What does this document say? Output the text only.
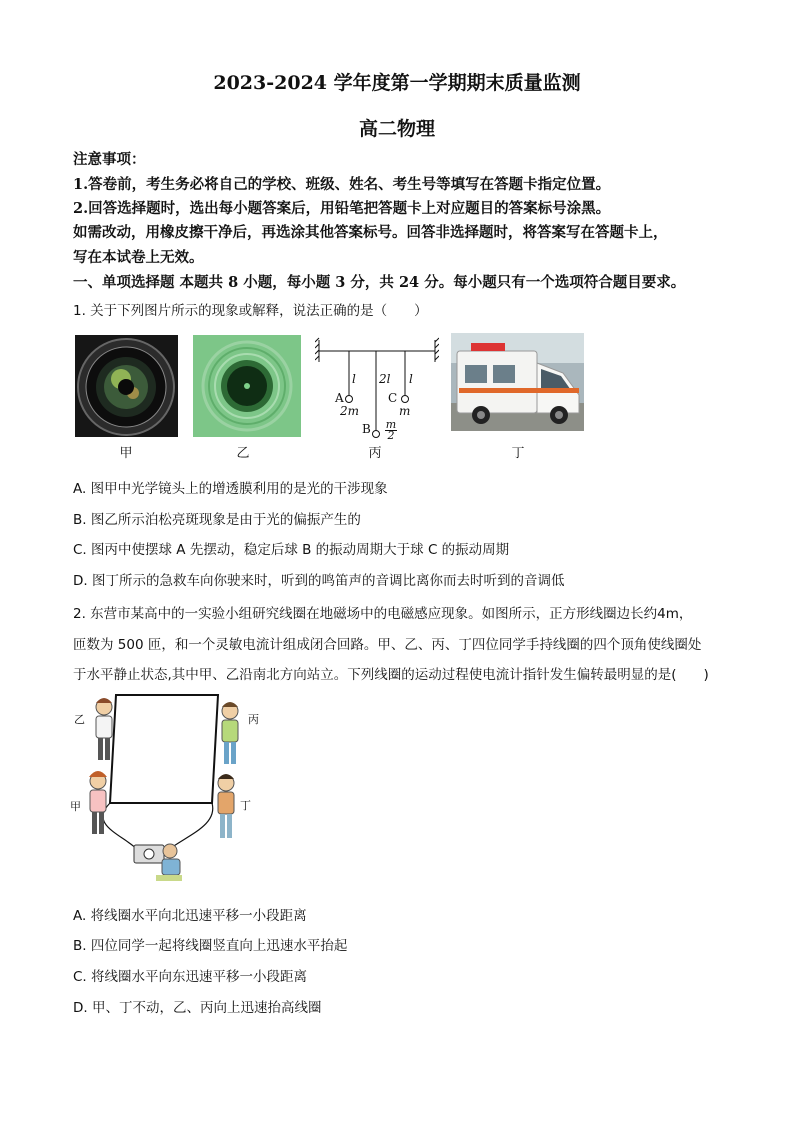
2023-2024 学年度第一学期期末质量监测
高二物理
注意事项：
1.答卷前，考生务必将自己的学校、班级、姓名、考生号等填写在答题卡指定位置。
2.回答选择题时，选出每小题答案后，用铅笔把答题卡上对应题目的答案标号涂黑。
如需改动，用橡皮擦干净后，再选涂其他答案标号。回答非选择题时，将答案写在答题卡上，
写在本试卷上无效。
一、单项选择题 本题共 8 小题，每小题 3 分，共 24 分。每小题只有一个选项符合题目要求。
1. 关于下列图片所示的现象或解释，说法正确的是（　　）
A
B
C
l 2l l
2m	m
$\frac{m}{2}$
甲	乙	丙	丁
A. 图甲中光学镜头上的增透膜利用的是光的干涉现象
B. 图乙所示泊松亮斑现象是由于光的偏振产生的
C. 图丙中使摆球 A 先摆动，稳定后球 B 的振动周期大于球 C 的振动周期
D. 图丁所示的急救车向你驶来时，听到的鸣笛声的音调比离你而去时听到的音调低
2. 东营市某高中的一实验小组研究线圈在地磁场中的电磁感应现象。如图所示，正方形线圈边长约4m，
匝数为 500 匝，和一个灵敏电流计组成闭合回路。甲、乙、丙、丁四位同学手持线圈的四个顶角使线圈处
于水平静止状态,其中甲、乙沿南北方向站立。下列线圈的运动过程使电流计指针发生偏转最明显的是(　　)
乙	丙
甲	丁
A. 将线圈水平向北迅速平移一小段距离
B. 四位同学一起将线圈竖直向上迅速水平抬起
C. 将线圈水平向东迅速平移一小段距离
D. 甲、丁不动，乙、丙向上迅速抬高线圈
